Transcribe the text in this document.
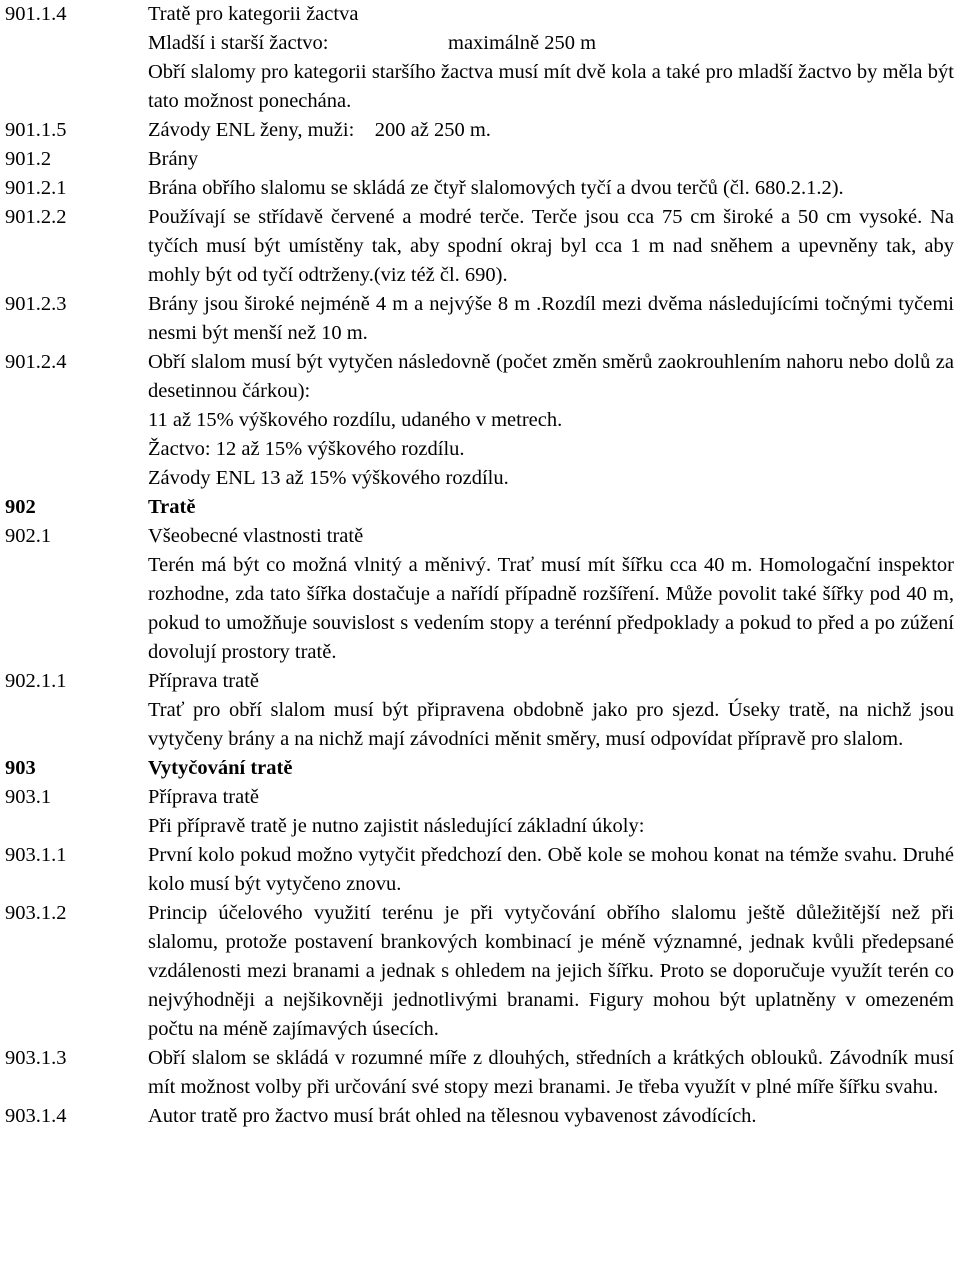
901.1.4	Tratě pro kategorii žactva
Mladší i starší žactvo:	maximálně 250 m
Obří slalomy pro kategorii staršího žactva musí mít dvě kola a také pro mladší žactvo by měla být tato možnost ponechána.
901.1.5	Závody ENL ženy, muži:    200 až 250 m.
901.2	Brány
901.2.1	Brána obřího slalomu se skládá ze čtyř slalomových tyčí a dvou terčů (čl. 680.2.1.2).
901.2.2	Používají se střídavě červené a modré terče. Terče jsou cca 75 cm široké a 50 cm vysoké. Na tyčích musí být umístěny tak, aby spodní okraj byl cca 1 m nad sněhem a upevněny tak, aby mohly být od tyčí odtrženy.(viz též čl. 690).
901.2.3	Brány jsou široké nejméně 4 m a nejvýše 8 m .Rozdíl mezi dvěma následujícími točnými tyčemi nesmi být menší než 10 m.
901.2.4	Obří slalom musí být vytyčen následovně (počet změn směrů zaokrouhlením nahoru nebo dolů za desetinnou čárkou):
11 až 15% výškového rozdílu, udaného v metrech.
Žactvo: 12 až 15% výškového rozdílu.
Závody ENL 13 až 15% výškového rozdílu.
902	Tratě
902.1	Všeobecné vlastnosti tratě
Terén má být co možná vlnitý a měnivý. Trať musí mít šířku cca 40 m. Homologační inspektor rozhodne, zda tato šířka dostačuje a nařídí případně rozšíření. Může povolit také šířky pod 40 m, pokud to umožňuje souvislost s vedením stopy a terénní předpoklady a pokud to před a po zúžení dovolují prostory tratě.
902.1.1	Příprava tratě
Trať pro obří slalom musí být připravena obdobně jako pro sjezd. Úseky tratě, na nichž jsou vytyčeny brány a na nichž mají závodníci měnit směry, musí odpovídat přípravě pro slalom.
903	Vytyčování tratě
903.1	Příprava tratě
Při přípravě tratě je nutno zajistit následující základní úkoly:
903.1.1	První kolo pokud možno vytyčit předchozí den. Obě kole se mohou konat na témže svahu. Druhé kolo musí být vytyčeno znovu.
903.1.2	Princip účelového využití terénu je při vytyčování obřího slalomu ještě důležitější než při slalomu, protože postavení brankových kombinací je méně významné, jednak kvůli předepsané vzdálenosti mezi branami a jednak s ohledem na jejich šířku. Proto se doporučuje využít terén co nejvýhodněji a nejšikovněji jednotlivými branami. Figury mohou být uplatněny v omezeném počtu na méně zajímavých úsecích.
903.1.3	Obří slalom se skládá v rozumné míře z dlouhých, středních a krátkých oblouků. Závodník musí mít možnost volby při určování své stopy mezi branami. Je třeba využít v plné míře šířku svahu.
903.1.4	Autor tratě pro žactvo musí brát ohled na tělesnou vybavenost závodících.
